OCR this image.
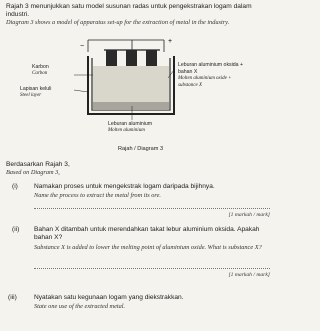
Rajah 3 menunjukkan satu model susunan radas untuk pengekstrakan logam dalam industri.
Diagram 3 shows a model of apparatus set-up for the extraction of metal in the industry.
+
−
Karbon
Carbon
Lapisan keluli
Steel layer
Leburan aluminium oksida +
bahan X
Molten aluminium oxide +
substance X
Leburan aluminium
Molten aluminium
Rajah / Diagram 3
Berdasarkan Rajah 3,
Based on Diagram 3,
(i) Namakan proses untuk mengekstrak logam daripada bijihnya.
Name the process to extract the metal from its ore.
[1 markah / mark]
(ii) Bahan X ditambah untuk merendahkan takat lebur aluminium oksida. Apakah bahan X?
Substance X is added to lower the melting point of aluminium oxide. What is substance X?
[1 markah / mark]
(iii)	Nyatakan satu kegunaan logam yang diekstrakkan.
State one use of the extracted metal.
